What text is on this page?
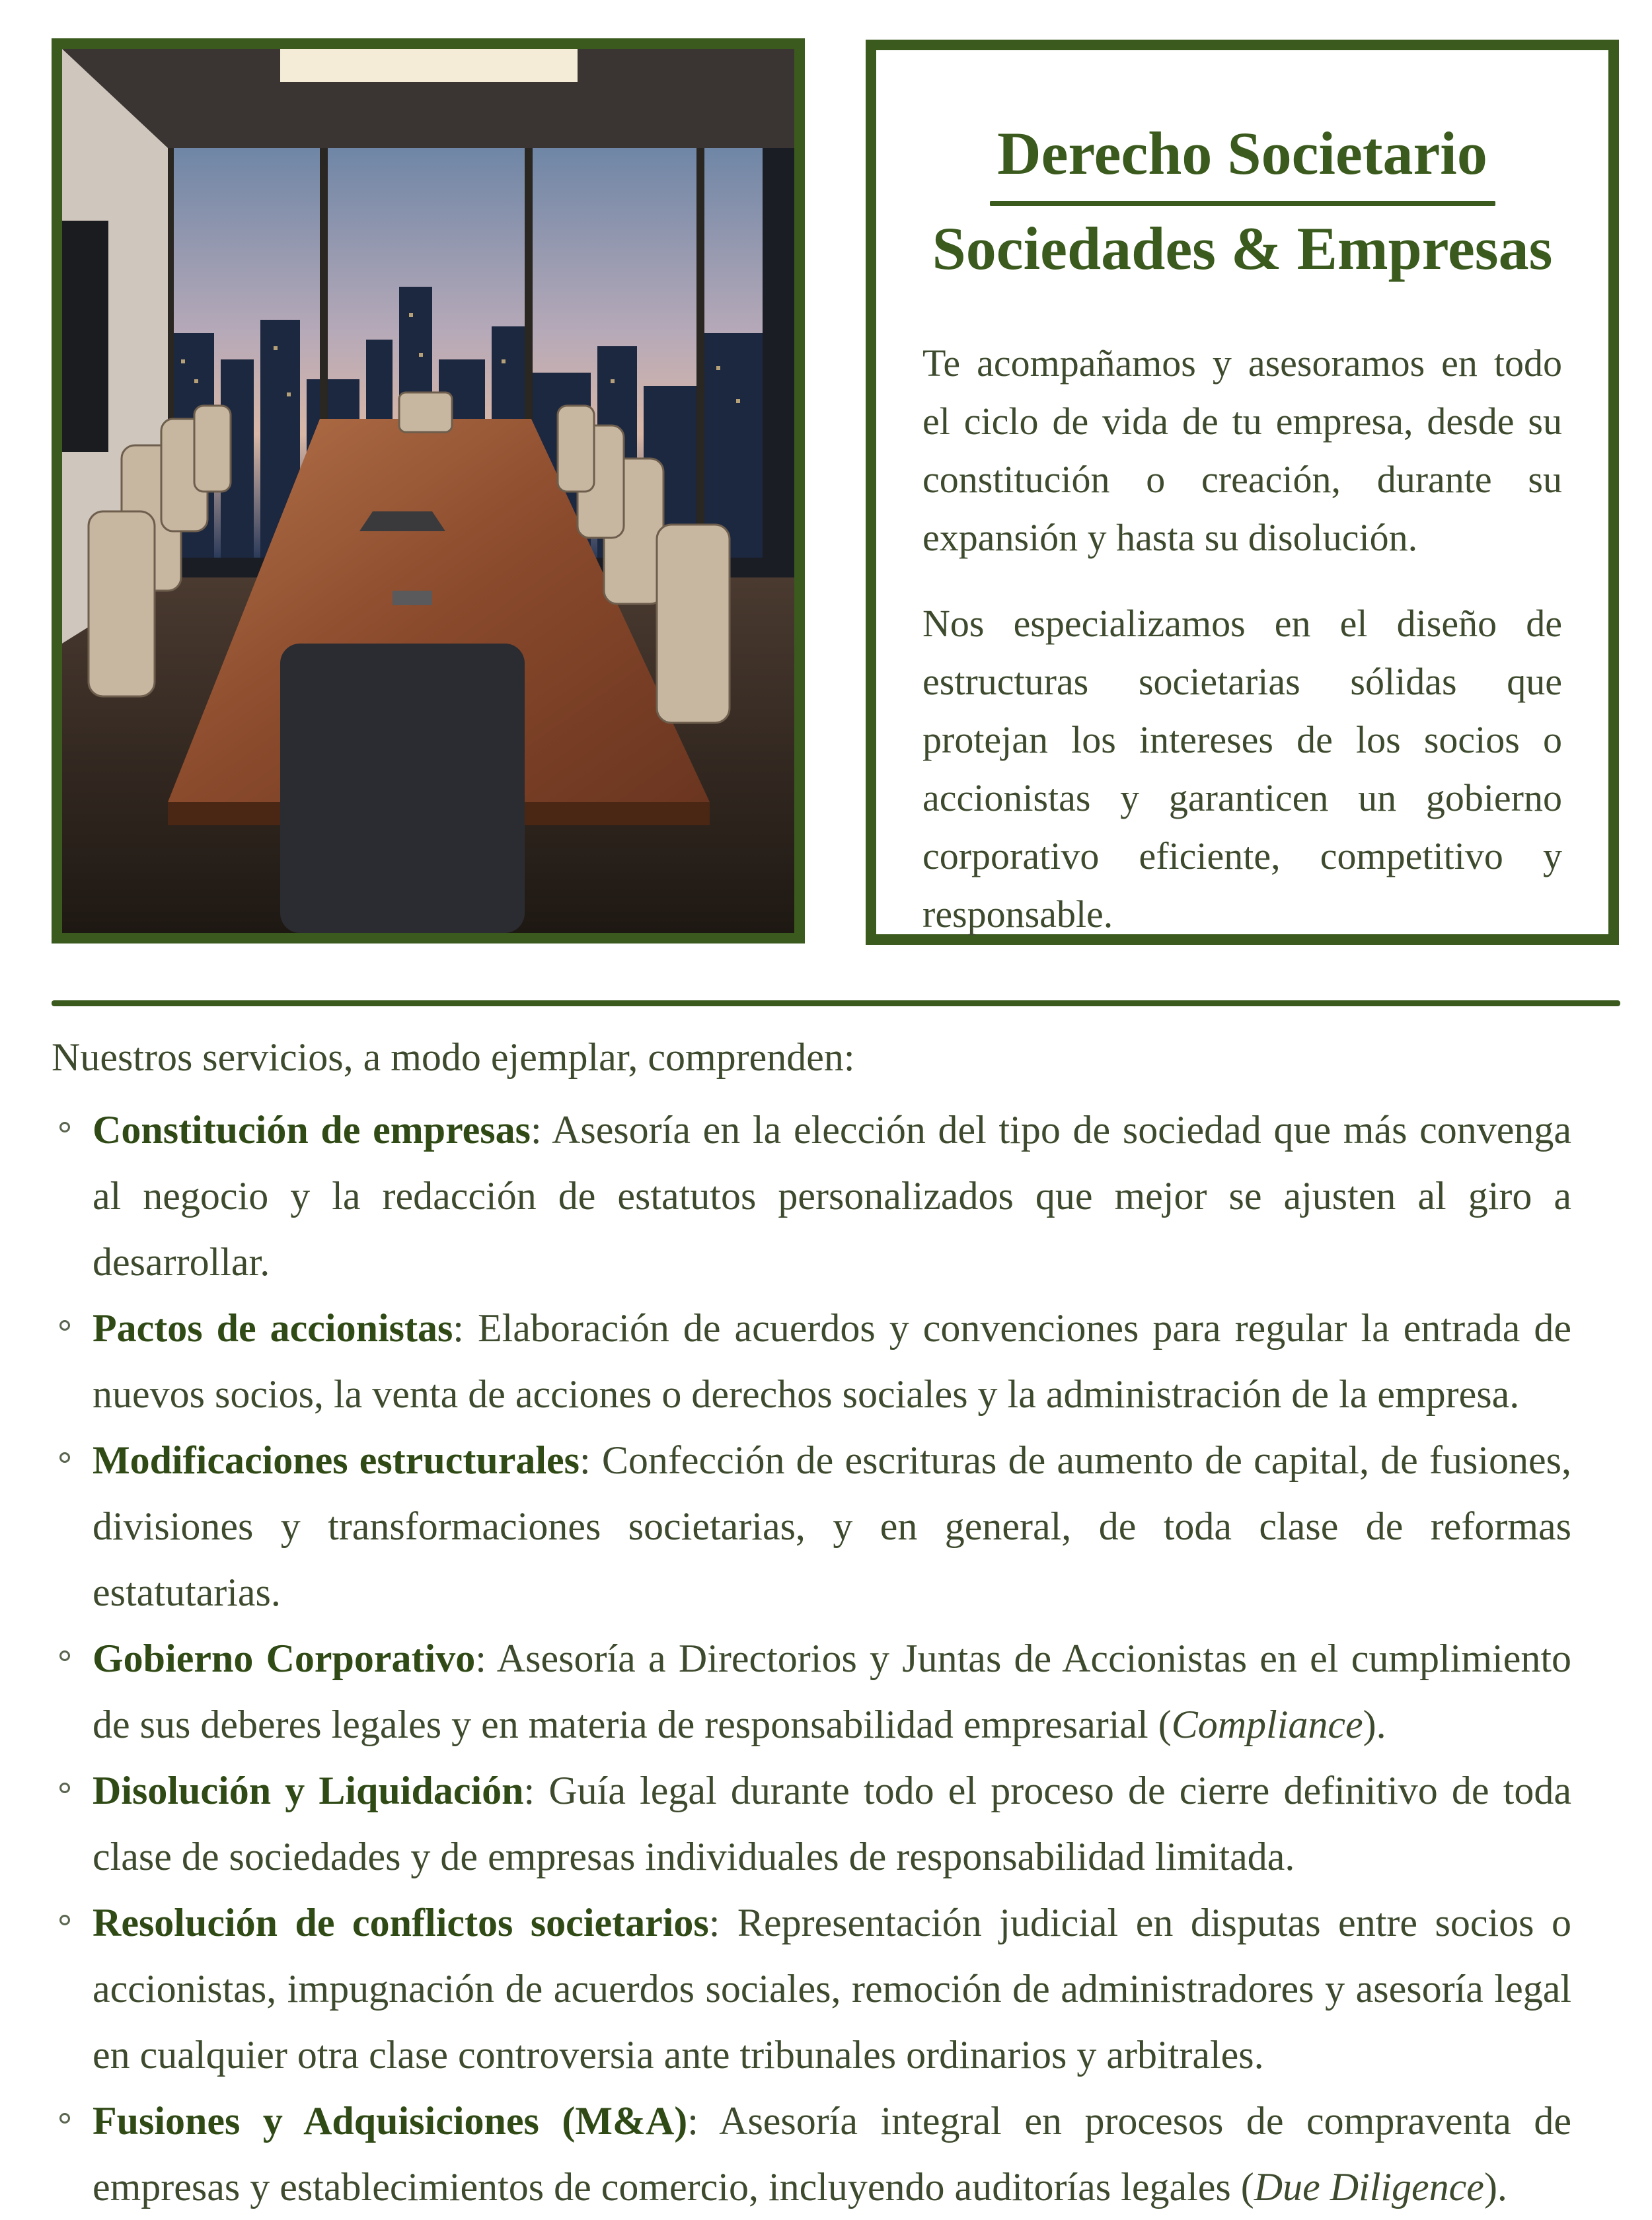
Derecho Societario
Sociedades & Empresas

Te acompañamos y asesoramos en todo el ciclo de vida de tu empresa, desde su constitución o creación, durante su expansión y hasta su disolución.

Nos especializamos en el diseño de estructuras societarias sólidas que protejan los intereses de los socios o accionistas y garanticen un gobierno corporativo eficiente, competitivo y responsable.

Nuestros servicios, a modo ejemplar, comprenden:
Constitución de empresas: Asesoría en la elección del tipo de sociedad que más convenga al negocio y la redacción de estatutos personalizados que mejor se ajusten al giro a desarrollar.
Pactos de accionistas: Elaboración de acuerdos y convenciones para regular la entrada de nuevos socios, la venta de acciones o derechos sociales y la administración de la empresa.
Modificaciones estructurales: Confección de escrituras de aumento de capital, de fusiones, divisiones y transformaciones societarias, y en general, de toda clase de reformas estatutarias.
Gobierno Corporativo: Asesoría a Directorios y Juntas de Accionistas en el cumplimiento de sus deberes legales y en materia de responsabilidad empresarial (Compliance).
Disolución y Liquidación: Guía legal durante todo el proceso de cierre definitivo de toda clase de sociedades y de empresas individuales de responsabilidad limitada.
Resolución de conflictos societarios: Representación judicial en disputas entre socios o accionistas, impugnación de acuerdos sociales, remoción de administradores y asesoría legal en cualquier otra clase controversia ante tribunales ordinarios y arbitrales.
Fusiones y Adquisiciones (M&A): Asesoría integral en procesos de compraventa de empresas y establecimientos de comercio, incluyendo auditorías legales (Due Diligence).
